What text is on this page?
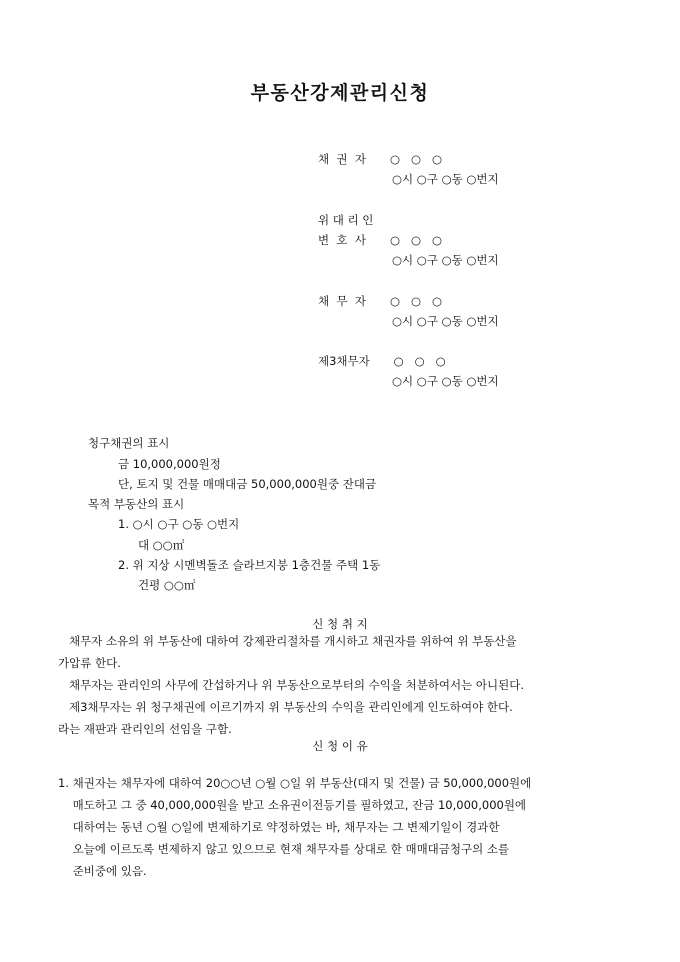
부동산강제관리신청
채  권  자 ○   ○   ○
○시 ○구 ○동 ○번지
위 대 리 인
변  호  사 ○   ○   ○
○시 ○구 ○동 ○번지
채  무  자 ○   ○   ○
○시 ○구 ○동 ○번지
제3채무자 ○   ○   ○
○시 ○구 ○동 ○번지
청구채권의 표시
금 10,000,000원정
단, 토지 및 건물 매매대금 50,000,000원중 잔대금
목적 부동산의 표시
1. ○시 ○구 ○동 ○번지
대 ○○㎡
2. 위 지상 시멘벽돌조 슬라브지붕 1층건물 주택 1동
건평 ○○㎡
신 청 취 지
채무자 소유의 위 부동산에 대하여 강제관리절차를 개시하고 채권자를 위하여 위 부동산을
가압류 한다.
채무자는 관리인의 사무에 간섭하거나 위 부동산으로부터의 수익을 처분하여서는 아니된다.
제3채무자는 위 청구채권에 이르기까지 위 부동산의 수익을 관리인에게 인도하여야 한다.
라는 재판과 관리인의 선임을 구함.
신 청 이 유
1. 채권자는 채무자에 대하여 20○○년 ○월 ○일 위 부동산(대지 및 건물) 금 50,000,000원에
매도하고 그 중 40,000,000원을 받고 소유권이전등기를 필하였고, 잔금 10,000,000원에
대하여는 동년 ○월 ○일에 변제하기로 약정하였는 바, 채무자는 그 변제기일이 경과한
오늘에 이르도록 변제하지 않고 있으므로 현재 채무자를 상대로 한 매매대금청구의 소를
준비중에 있음.
